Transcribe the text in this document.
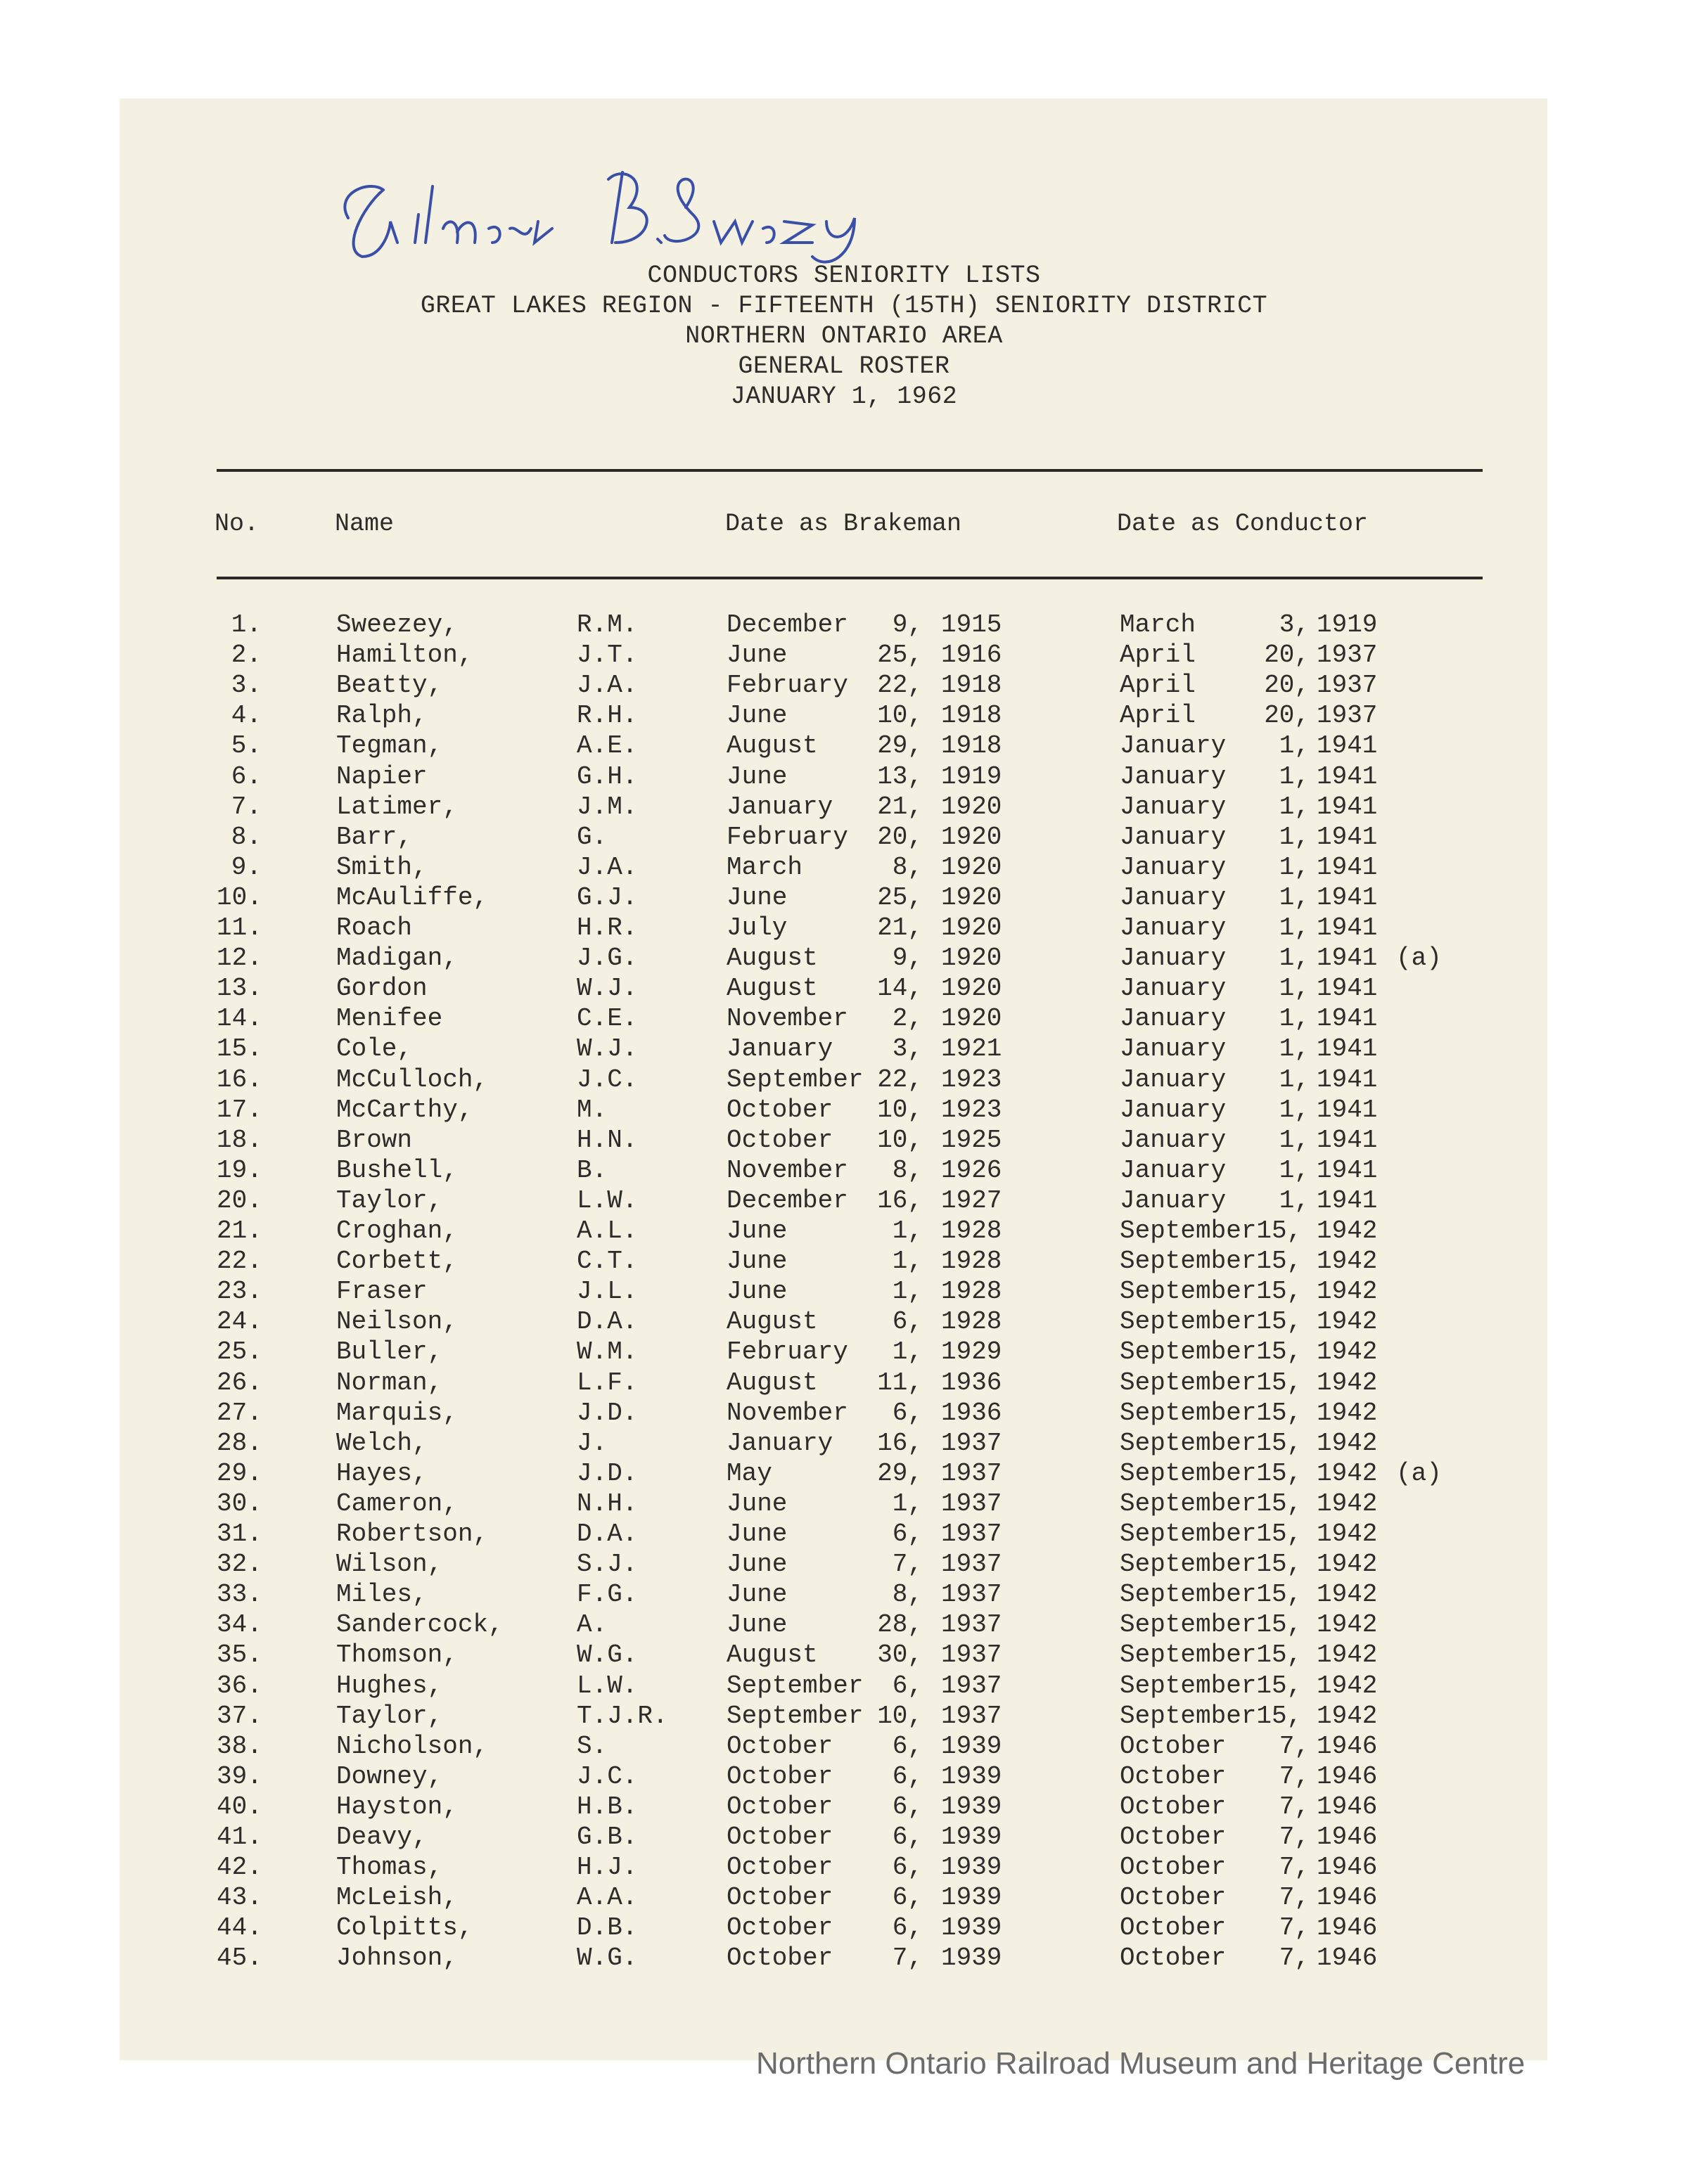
CONDUCTORS SENIORITY LISTS
GREAT LAKES REGION - FIFTEENTH (15TH) SENIORITY DISTRICT
NORTHERN ONTARIO AREA
GENERAL ROSTER
JANUARY 1, 1962
No.	Name	Date as Brakeman	Date as Conductor
1.	Sweezey,	R.M.	December	9, 1915	March	3, 1919
2.	Hamilton,	J.T.	June	25, 1916	April	20, 1937
3.	Beatty,	J.A.	February	22, 1918	April	20, 1937
4.	Ralph,	R.H.	June	10, 1918	April	20, 1937
5.	Tegman,	A.E.	August	29, 1918	January	1, 1941
6.	Napier	G.H.	June	13, 1919	January	1, 1941
7.	Latimer,	J.M.	January	21, 1920	January	1, 1941
8.	Barr,	G.	February	20, 1920	January	1, 1941
9.	Smith,	J.A.	March	8, 1920	January	1, 1941
10.	McAuliffe,	G.J.	June	25, 1920	January	1, 1941
11.	Roach	H.R.	July	21, 1920	January	1, 1941
12.	Madigan,	J.G.	August	9, 1920	January	1, 1941 (a)
13.	Gordon	W.J.	August	14, 1920	January	1, 1941
14.	Menifee	C.E.	November	2, 1920	January	1, 1941
15.	Cole,	W.J.	January	3, 1921	January	1, 1941
16.	McCulloch,	J.C.	September 22, 1923	January	1, 1941
17.	McCarthy,	M.	October	10, 1923	January	1, 1941
18.	Brown	H.N.	October	10, 1925	January	1, 1941
19.	Bushell,	B.	November	8, 1926	January	1, 1941
20.	Taylor,	L.W.	December	16, 1927	January	1, 1941
21.	Croghan,	A.L.	June	1, 1928	September15, 1942
22.	Corbett,	C.T.	June	1, 1928	September15, 1942
23.	Fraser	J.L.	June	1, 1928	September15, 1942
24.	Neilson,	D.A.	August	6, 1928	September15, 1942
25.	Buller,	W.M.	February	1, 1929	September15, 1942
26.	Norman,	L.F.	August	11, 1936	September15, 1942
27.	Marquis,	J.D.	November	6, 1936	September15, 1942
28.	Welch,	J.	January	16, 1937	September15, 1942
29.	Hayes,	J.D.	May	29, 1937	September15, 1942 (a)
30.	Cameron,	N.H.	June	1, 1937	September15, 1942
31.	Robertson,	D.A.	June	6, 1937	September15, 1942
32.	Wilson,	S.J.	June	7, 1937	September15, 1942
33.	Miles,	F.G.	June	8, 1937	September15, 1942
34.	Sandercock,	A.	June	28, 1937	September15, 1942
35.	Thomson,	W.G.	August	30, 1937	September15, 1942
36.	Hughes,	L.W.	September	6, 1937	September15, 1942
37.	Taylor,	T.J.R. September 10, 1937	September15, 1942
38.	Nicholson,	S.	October	6, 1939	October	7, 1946
39.	Downey,	J.C.	October	6, 1939	October	7, 1946
40.	Hayston,	H.B.	October	6, 1939	October	7, 1946
41.	Deavy,	G.B.	October	6, 1939	October	7, 1946
42.	Thomas,	H.J.	October	6, 1939	October	7, 1946
43.	McLeish,	A.A.	October	6, 1939	October	7, 1946
44.	Colpitts,	D.B.	October	6, 1939	October	7, 1946
45.	Johnson,	W.G.	October	7, 1939	October	7, 1946
Northern Ontario Railroad Museum and Heritage Centre
